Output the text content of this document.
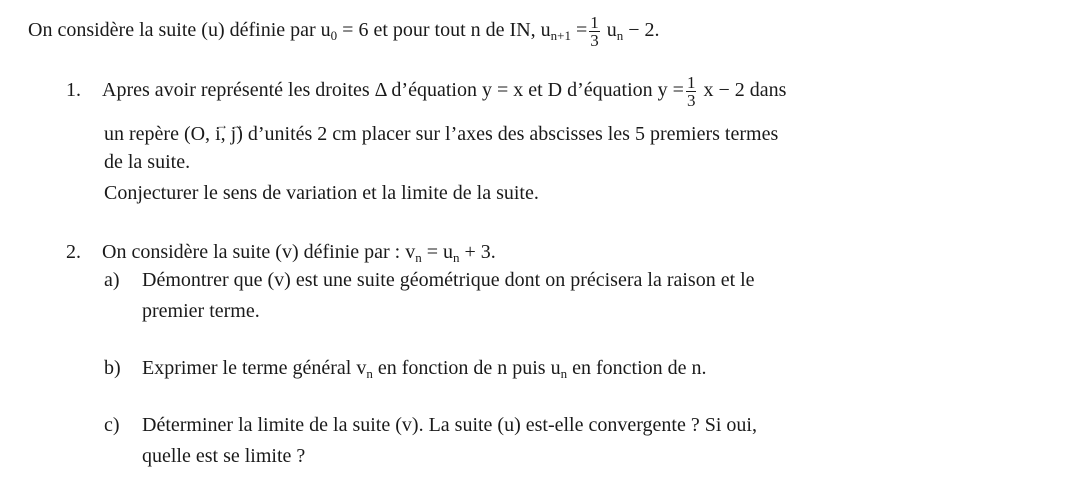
On considère la suite (u) définie par $u_0 = 6$ et pour tout n de IN, $u_{n+1} = \frac{1}{3} u_n - 2$.
1. Apres avoir représenté les droites Δ d’équation y = x et D d’équation $y = \frac{1}{3}$ x − 2 dans
un repère (O, → i, → j) d’unités 2 cm placer sur l’axes des abscisses les 5 premiers termes
de la suite.
Conjecturer le sens de variation et la limite de la suite.
2. On considère la suite (v) définie par : $v_n = u_n + 3$.
a) Démontrer que (v) est une suite géométrique dont on précisera la raison et le
premier terme.
b) Exprimer le terme général $v_n$ en fonction de n puis $u_n$ en fonction de n.
c) Déterminer la limite de la suite (v). La suite (u) est-elle convergente ? Si oui,
quelle est se limite ?
